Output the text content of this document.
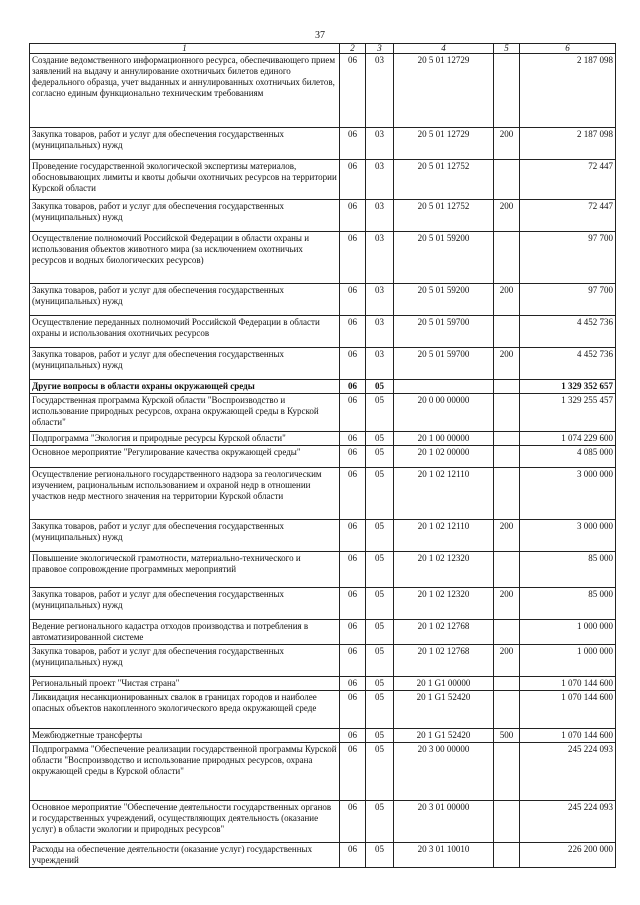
37
1	2	3	4	5	6
Создание ведомственного информационного ресурса, обеспечивающего прием заявлений на выдачу и аннулирование охотничьих билетов единого федерального образца, учет выданных и аннулированных охотничьих билетов, согласно единым функционально техническим требованиям	06	03	20 5 01 12729		2 187 098
Закупка товаров, работ и услуг для обеспечения государственных (муниципальных) нужд	06	03	20 5 01 12729	200	2 187 098
Проведение государственной экологической экспертизы материалов, обосновывающих лимиты и квоты добычи охотничьих ресурсов на территории Курской области	06	03	20 5 01 12752		72 447
Закупка товаров, работ и услуг для обеспечения государственных (муниципальных) нужд	06	03	20 5 01 12752	200	72 447
Осуществление полномочий Российской Федерации в области охраны и использования объектов животного мира (за исключением охотничьих ресурсов и водных биологических ресурсов)	06	03	20 5 01 59200		97 700
Закупка товаров, работ и услуг для обеспечения государственных (муниципальных) нужд	06	03	20 5 01 59200	200	97 700
Осуществление переданных полномочий Российской Федерации в области охраны и использования охотничьих ресурсов	06	03	20 5 01 59700		4 452 736
Закупка товаров, работ и услуг для обеспечения государственных (муниципальных) нужд	06	03	20 5 01 59700	200	4 452 736
Другие вопросы в области охраны окружающей среды	06	05			1 329 352 657
Государственная программа Курской области "Воспроизводство и использование природных ресурсов, охрана окружающей среды в Курской области"	06	05	20 0 00 00000		1 329 255 457
Подпрограмма "Экология и природные ресурсы Курской области"	06	05	20 1 00 00000		1 074 229 600
Основное мероприятие "Регулирование качества окружающей среды"	06	05	20 1 02 00000		4 085 000
Осуществление регионального государственного надзора за геологическим изучением, рациональным использованием и охраной недр в отношении участков недр местного значения на территории Курской области	06	05	20 1 02 12110		3 000 000
Закупка товаров, работ и услуг для обеспечения государственных (муниципальных) нужд	06	05	20 1 02 12110	200	3 000 000
Повышение экологической грамотности, материально-технического и правовое сопровождение программных мероприятий	06	05	20 1 02 12320		85 000
Закупка товаров, работ и услуг для обеспечения государственных (муниципальных) нужд	06	05	20 1 02 12320	200	85 000
Ведение регионального кадастра отходов производства и потребления в автоматизированной системе	06	05	20 1 02 12768		1 000 000
Закупка товаров, работ и услуг для обеспечения государственных (муниципальных) нужд	06	05	20 1 02 12768	200	1 000 000
Региональный проект "Чистая страна"	06	05	20 1 G1 00000		1 070 144 600
Ликвидация несанкционированных свалок в границах городов и наиболее опасных объектов накопленного экологического вреда окружающей среде	06	05	20 1 G1 52420		1 070 144 600
Межбюджетные трансферты	06	05	20 1 G1 52420	500	1 070 144 600
Подпрограмма "Обеспечение реализации государственной программы Курской области "Воспроизводство и использование природных ресурсов, охрана окружающей среды в Курской области"	06	05	20 3 00 00000		245 224 093
Основное мероприятие "Обеспечение деятельности государственных органов и государственных учреждений, осуществляющих деятельность (оказание услуг) в области экологии и природных ресурсов"	06	05	20 3 01 00000		245 224 093
Расходы на обеспечение деятельности (оказание услуг) государственных учреждений	06	05	20 3 01 10010		226 200 000
